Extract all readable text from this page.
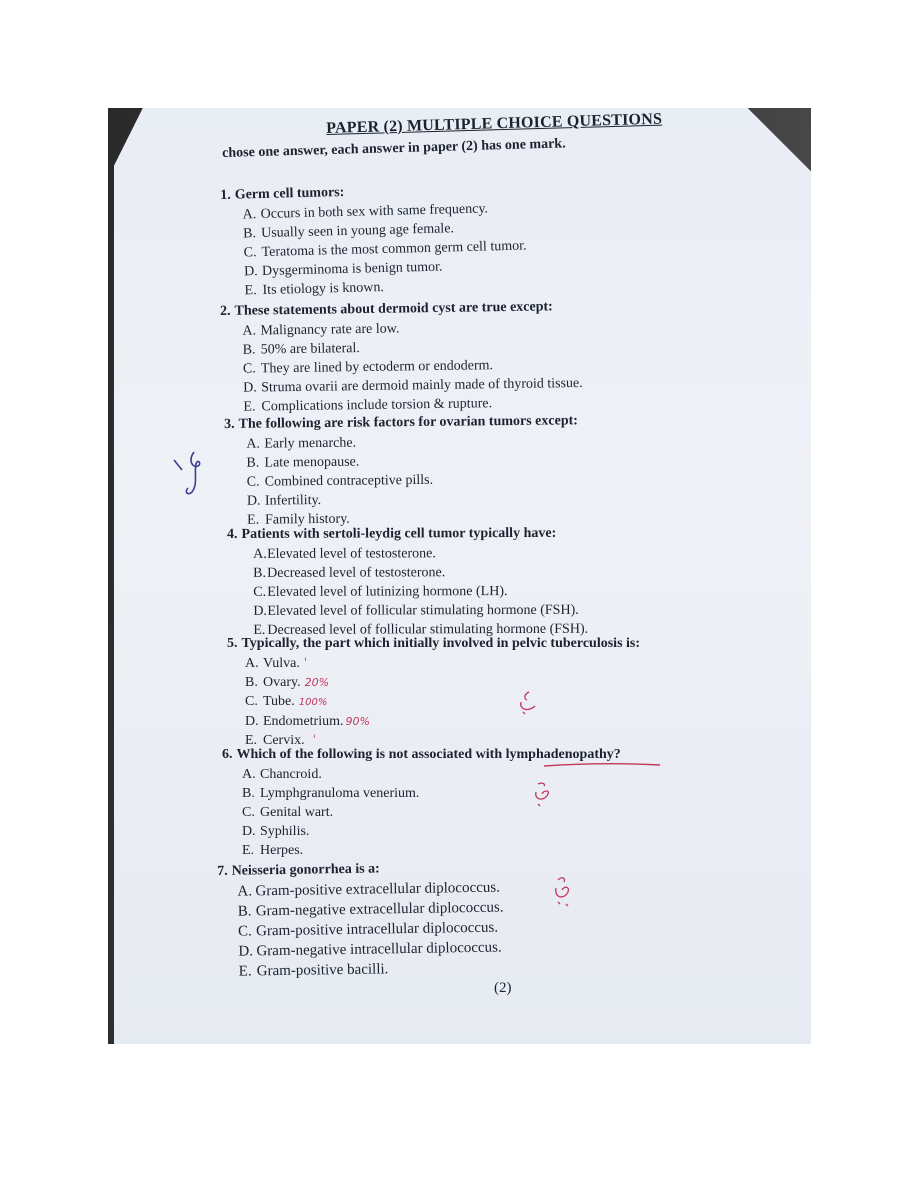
PAPER (2) MULTIPLE CHOICE QUESTIONS
chose one answer, each answer in paper (2) has one mark.
1. Germ cell tumors:
A. Occurs in both sex with same frequency.
B. Usually seen in young age female.
C. Teratoma is the most common germ cell tumor.
D. Dysgerminoma is benign tumor.
E. Its etiology is known.
2. These statements about dermoid cyst are true except:
A. Malignancy rate are low.
B. 50% are bilateral.
C. They are lined by ectoderm or endoderm.
D. Struma ovarii are dermoid mainly made of thyroid tissue.
E. Complications include torsion & rupture.
3. The following are risk factors for ovarian tumors except:
A. Early menarche.
B. Late menopause.
C. Combined contraceptive pills.
D. Infertility.
E. Family history.
4. Patients with sertoli-leydig cell tumor typically have:
A.Elevated level of testosterone.
B.Decreased level of testosterone.
C.Elevated level of lutinizing hormone (LH).
D.Elevated level of follicular stimulating hormone (FSH).
E. Decreased level of follicular stimulating hormone (FSH).
5. Typically, the part which initially involved in pelvic tuberculosis is:
A. Vulva. ˈ
B. Ovary. 20%
C. Tube. 100%
D. Endometrium. 90%
E. Cervix. ˈ
6. Which of the following is not associated with lymphadenopathy?
A. Chancroid.
B. Lymphgranuloma venerium.
C. Genital wart.
D. Syphilis.
E. Herpes.
7. Neisseria gonorrhea is a:
A. Gram-positive extracellular diplococcus.
B. Gram-negative extracellular diplococcus.
C. Gram-positive intracellular diplococcus.
D. Gram-negative intracellular diplococcus.
E. Gram-positive bacilli.
(2)
